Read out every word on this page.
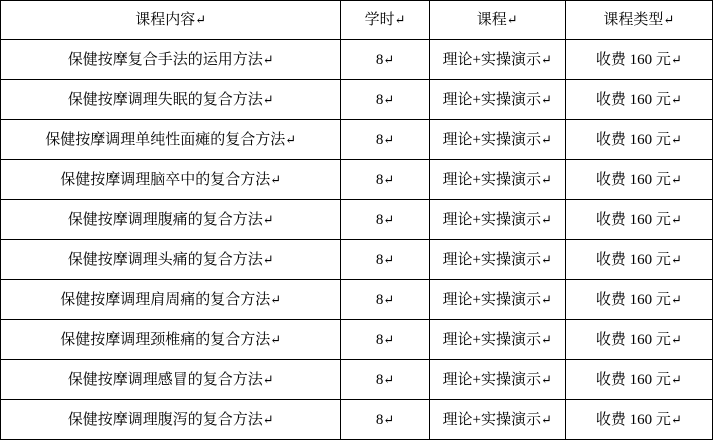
课程内容↵	学时↵	课程↵	课程类型↵

保健按摩复合手法的运用方法↵	8↵	理论+实操演示↵	收费 160 元↵

保健按摩调理失眠的复合方法↵	8↵	理论+实操演示↵	收费 160 元↵

保健按摩调理单纯性面瘫的复合方法↵	8↵	理论+实操演示↵	收费 160 元↵

保健按摩调理脑卒中的复合方法↵	8↵	理论+实操演示↵	收费 160 元↵

保健按摩调理腹痛的复合方法↵	8↵	理论+实操演示↵	收费 160 元↵

保健按摩调理头痛的复合方法↵	8↵	理论+实操演示↵	收费 160 元↵

保健按摩调理肩周痛的复合方法↵	8↵	理论+实操演示↵	收费 160 元↵

保健按摩调理颈椎痛的复合方法↵	8↵	理论+实操演示↵	收费 160 元↵

保健按摩调理感冒的复合方法↵	8↵	理论+实操演示↵	收费 160 元↵

保健按摩调理腹泻的复合方法↵	8↵	理论+实操演示↵	收费 160 元↵
